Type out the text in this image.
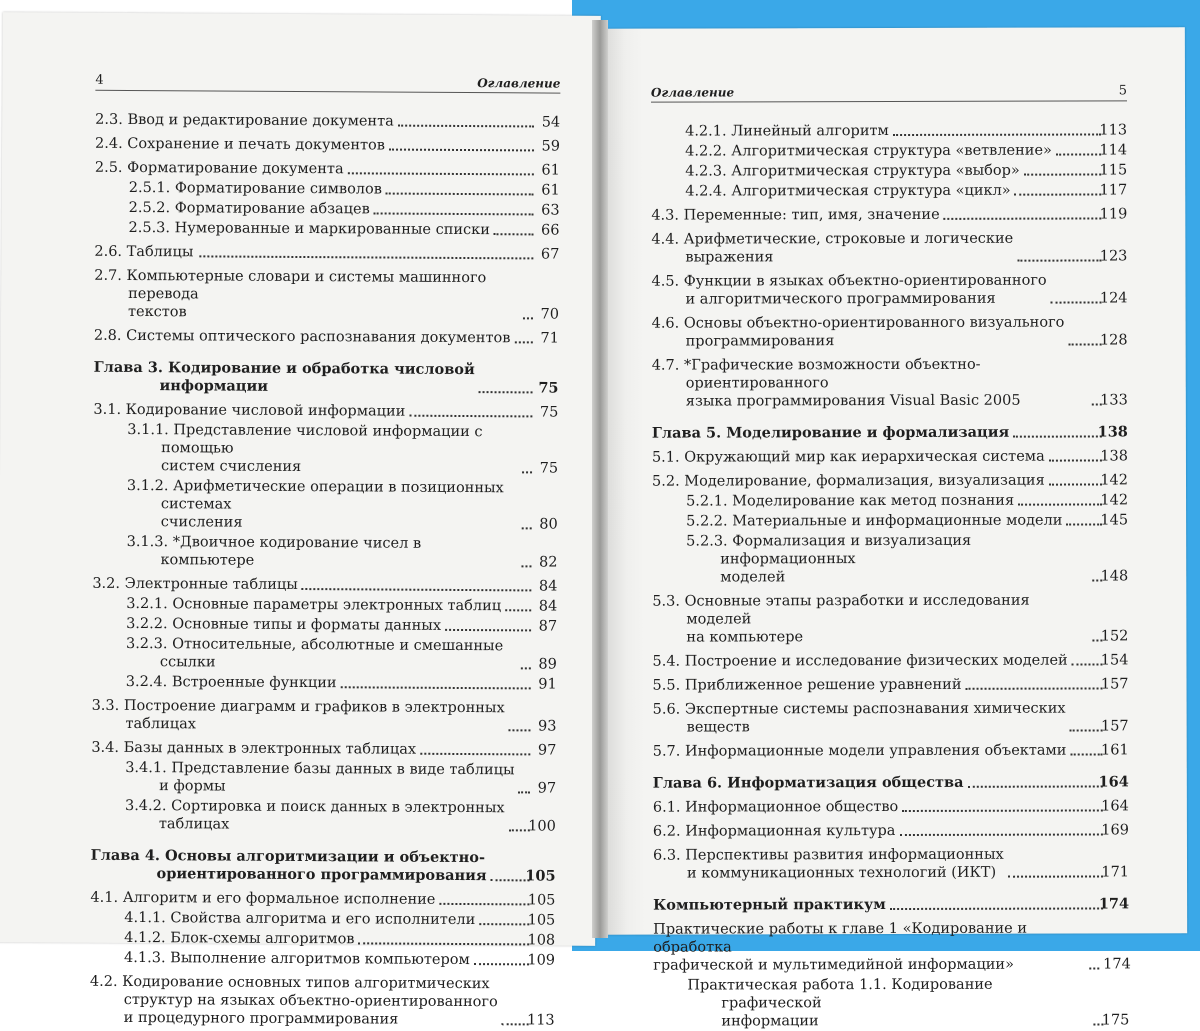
4	Оглавление
2.3. Ввод и редактирование документа	54
2.4. Сохранение и печать документов	59
2.5. Форматирование документа	61
2.5.1. Форматирование символов	61
2.5.2. Форматирование абзацев	63
2.5.3. Нумерованные и маркированные списки	66
2.6. Таблицы	67
2.7. Компьютерные словари и системы машинного перевода
текстов	70
2.8. Системы оптического распознавания документов 71
Глава 3. Кодирование и обработка числовой
информации	75
3.1. Кодирование числовой информации	75
3.1.1. Представление числовой информации с помощью
систем счисления	75
3.1.2. Арифметические операции в позиционных системах
счисления	80
3.1.3. *Двоичное кодирование чисел в компьютере	82
3.2. Электронные таблицы	84
3.2.1. Основные параметры электронных таблиц	84
3.2.2. Основные типы и форматы данных	87
3.2.3. Относительные, абсолютные и смешанные ссылки	89
3.2.4. Встроенные функции	91
3.3. Построение диаграмм и графиков в электронных
таблицах	93
3.4. Базы данных в электронных таблицах	97
3.4.1. Представление базы данных в виде таблицы
и формы	97
3.4.2. Сортировка и поиск данных в электронных
таблицах	100
Глава 4. Основы алгоритмизации и объектно-
ориентированного программирования	105
4.1. Алгоритм и его формальное исполнение	105
4.1.1. Свойства алгоритма и его исполнители	105
4.1.2. Блок-схемы алгоритмов	108
4.1.3. Выполнение алгоритмов компьютером	109
4.2. Кодирование основных типов алгоритмических
структур на языках объектно-ориентированного
и процедурного программирования	113
Оглавление	5
4.2.1. Линейный алгоритм	113
4.2.2. Алгоритмическая структура «ветвление»	114
4.2.3. Алгоритмическая структура «выбор»	115
4.2.4. Алгоритмическая структура «цикл»	117
4.3. Переменные: тип, имя, значение	119
4.4. Арифметические, строковые и логические
выражения	123
4.5. Функции в языках объектно-ориентированного
и алгоритмического программирования	124
4.6. Основы объектно-ориентированного визуального
программирования	128
4.7. *Графические возможности объектно-ориентированного
языка программирования Visual Basic 2005	133
Глава 5. Моделирование и формализация	138
5.1. Окружающий мир как иерархическая система	138
5.2. Моделирование, формализация, визуализация	142
5.2.1. Моделирование как метод познания	142
5.2.2. Материальные и информационные модели	145
5.2.3. Формализация и визуализация информационных
моделей	148
5.3. Основные этапы разработки и исследования моделей
на компьютере	152
5.4. Построение и исследование физических моделей 154
5.5. Приближенное решение уравнений	157
5.6. Экспертные системы распознавания химических
веществ	157
5.7. Информационные модели управления объектами 161
Глава 6. Информатизация общества	164
6.1. Информационное общество	164
6.2. Информационная культура	169
6.3. Перспективы развития информационных
и коммуникационных технологий (ИКТ)	171
Компьютерный практикум	174
Практические работы к главе 1 «Кодирование и обработка
графической и мультимедийной информации»	174
Практическая работа 1.1. Кодирование графической
информации	175
